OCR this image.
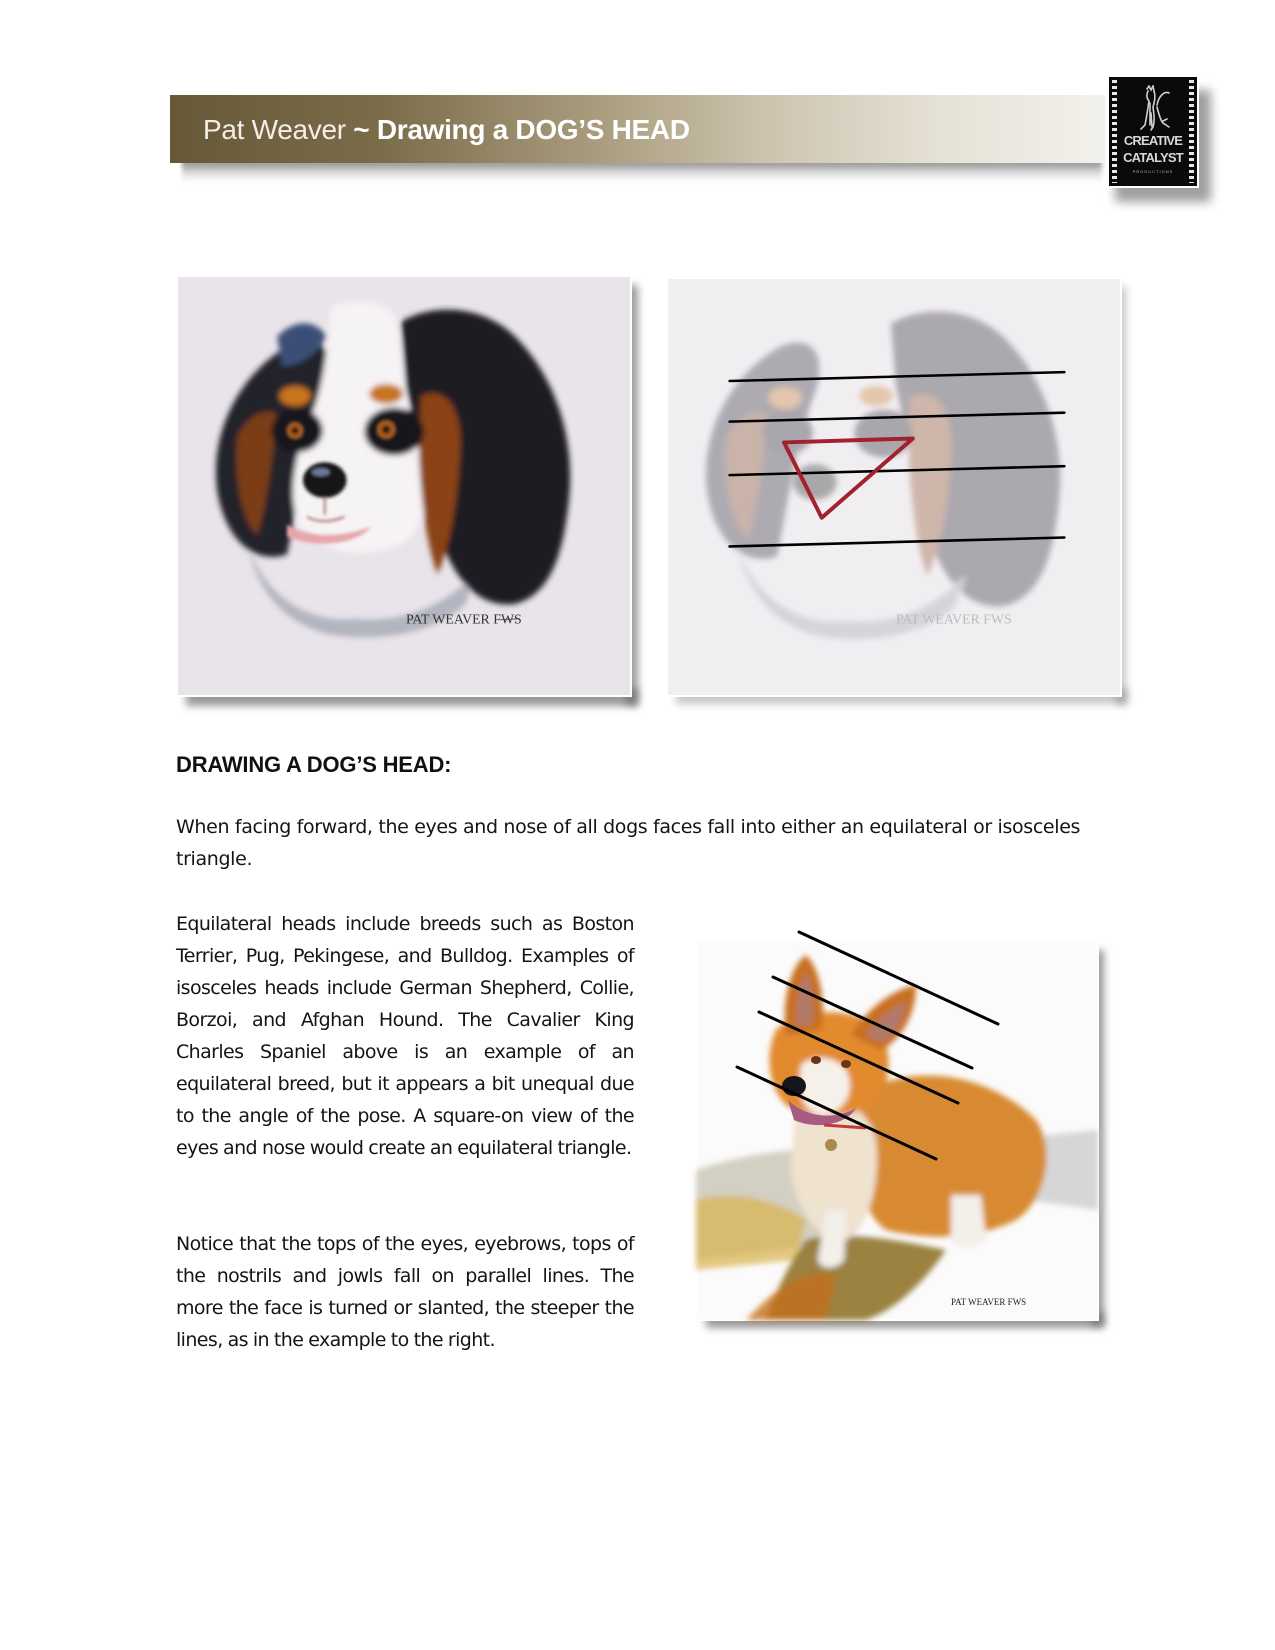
Pat Weaver ~ Drawing a DOG’S HEAD	CREATIVE
CATALYST
PRODUCTIONS
PAT WEAVER FWS	PAT WEAVER FWS
DRAWING A DOG’S HEAD:
When facing forward, the eyes and nose of all dogs faces fall into either an equilateral or isosceles triangle.
Equilateral heads include breeds such as Boston Terrier, Pug, Pekingese, and Bulldog. Examples of isosceles heads include German Shepherd, Collie, Borzoi, and Afghan Hound. The Cavalier King Charles Spaniel above is an example of an equilateral breed, but it appears a bit unequal due to the angle of the pose. A square-on view of the eyes and nose would create an equilateral triangle.
Notice that the tops of the eyes, eyebrows, tops of the nostrils and jowls fall on parallel lines. The more the face is turned or slanted, the steeper the lines, as in the example to the right.
PAT WEAVER FWS
